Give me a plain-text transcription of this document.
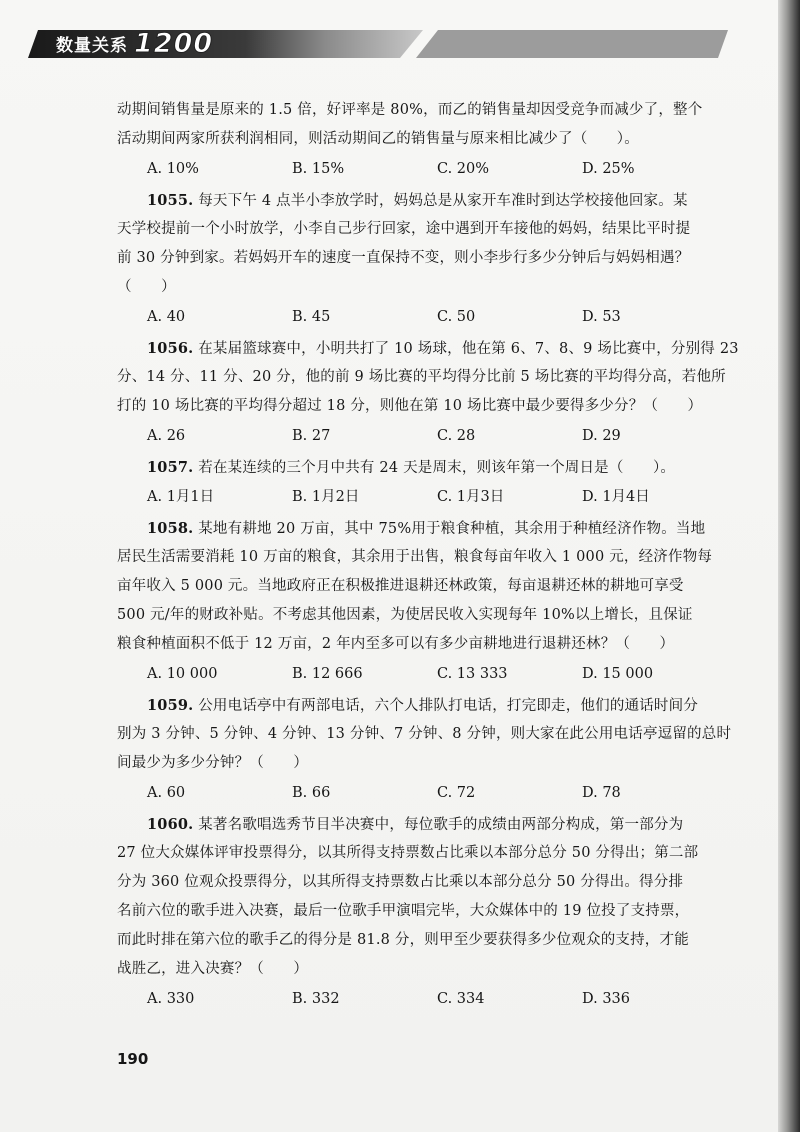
数量关系 1200

动期间销售量是原来的 1.5 倍，好评率是 80%，而乙的销售量却因受竞争而减少了，整个

活动期间两家所获利润相同，则活动期间乙的销售量与原来相比减少了（　　）。

A. 10%	B. 15%	C. 20%	D. 25%

1055. 每天下午 4 点半小李放学时，妈妈总是从家开车准时到达学校接他回家。某

天学校提前一个小时放学，小李自己步行回家，途中遇到开车接他的妈妈，结果比平时提

前 30 分钟到家。若妈妈开车的速度一直保持不变，则小李步行多少分钟后与妈妈相遇？

（　　）

A. 40	B. 45	C. 50	D. 53

1056. 在某届篮球赛中，小明共打了 10 场球，他在第 6、7、8、9 场比赛中，分别得 23

分、14 分、11 分、20 分，他的前 9 场比赛的平均得分比前 5 场比赛的平均得分高，若他所

打的 10 场比赛的平均得分超过 18 分，则他在第 10 场比赛中最少要得多少分？（　　）

A. 26	B. 27	C. 28	D. 29

1057. 若在某连续的三个月中共有 24 天是周末，则该年第一个周日是（　　）。

A. 1月1日	B. 1月2日	C. 1月3日	D. 1月4日

1058. 某地有耕地 20 万亩，其中 75%用于粮食种植，其余用于种植经济作物。当地

居民生活需要消耗 10 万亩的粮食，其余用于出售，粮食每亩年收入 1 000 元，经济作物每

亩年收入 5 000 元。当地政府正在积极推进退耕还林政策，每亩退耕还林的耕地可享受

500 元/年的财政补贴。不考虑其他因素，为使居民收入实现每年 10%以上增长，且保证

粮食种植面积不低于 12 万亩，2 年内至多可以有多少亩耕地进行退耕还林？（　　）

A. 10 000	B. 12 666	C. 13 333	D. 15 000

1059. 公用电话亭中有两部电话，六个人排队打电话，打完即走，他们的通话时间分

别为 3 分钟、5 分钟、4 分钟、13 分钟、7 分钟、8 分钟，则大家在此公用电话亭逗留的总时

间最少为多少分钟？（　　）

A. 60	B. 66	C. 72	D. 78

1060. 某著名歌唱选秀节目半决赛中，每位歌手的成绩由两部分构成，第一部分为

27 位大众媒体评审投票得分，以其所得支持票数占比乘以本部分总分 50 分得出；第二部

分为 360 位观众投票得分，以其所得支持票数占比乘以本部分总分 50 分得出。得分排

名前六位的歌手进入决赛，最后一位歌手甲演唱完毕，大众媒体中的 19 位投了支持票，

而此时排在第六位的歌手乙的得分是 81.8 分，则甲至少要获得多少位观众的支持，才能

战胜乙，进入决赛？（　　）

A. 330	B. 332	C. 334	D. 336
190
